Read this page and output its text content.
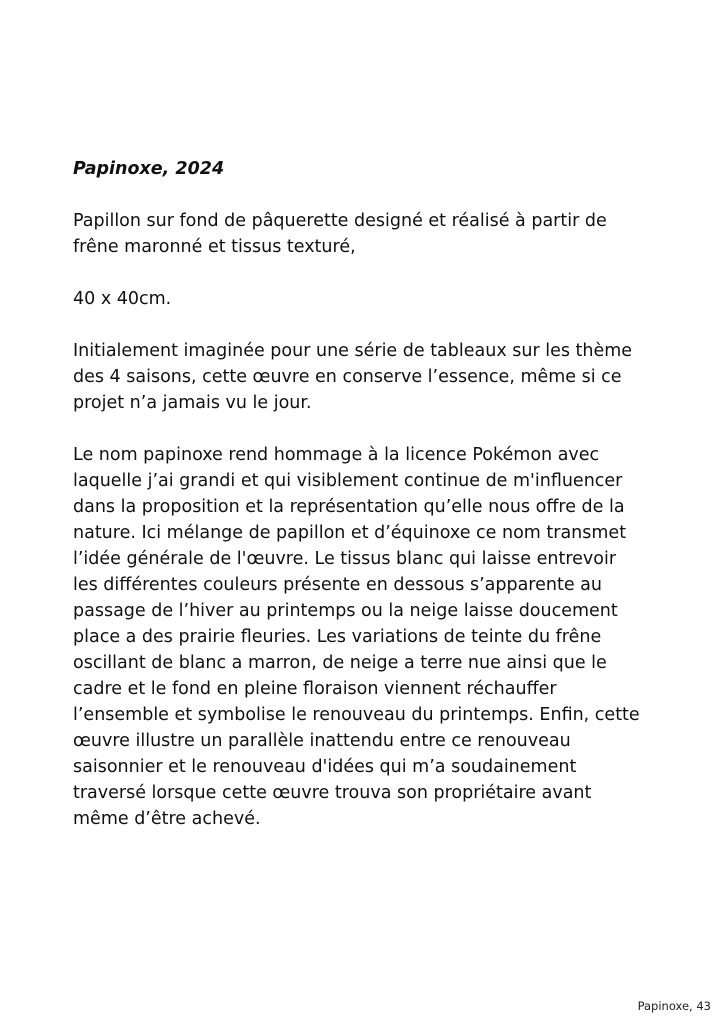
Papinoxe, 2024
Papillon sur fond de pâquerette designé et réalisé à partir de
frêne maronné et tissus texturé,
40 x 40cm.
Initialement imaginée pour une série de tableaux sur les thème
des 4 saisons, cette œuvre en conserve l’essence, même si ce
projet n’a jamais vu le jour.
Le nom papinoxe rend hommage à la licence Pokémon avec
laquelle j’ai grandi et qui visiblement continue de m'influencer
dans la proposition et la représentation qu’elle nous offre de la
nature. Ici mélange de papillon et d’équinoxe ce nom transmet
l’idée générale de l'œuvre. Le tissus blanc qui laisse entrevoir
les différentes couleurs présente en dessous s’apparente au
passage de l’hiver au printemps ou la neige laisse doucement
place a des prairie fleuries. Les variations de teinte du frêne
oscillant de blanc a marron, de neige a terre nue ainsi que le
cadre et le fond en pleine floraison viennent réchauffer
l’ensemble et symbolise le renouveau du printemps. Enfin, cette
œuvre illustre un parallèle inattendu entre ce renouveau
saisonnier et le renouveau d'idées qui m’a soudainement
traversé lorsque cette œuvre trouva son propriétaire avant
même d’être achevé.
Papinoxe, 43
